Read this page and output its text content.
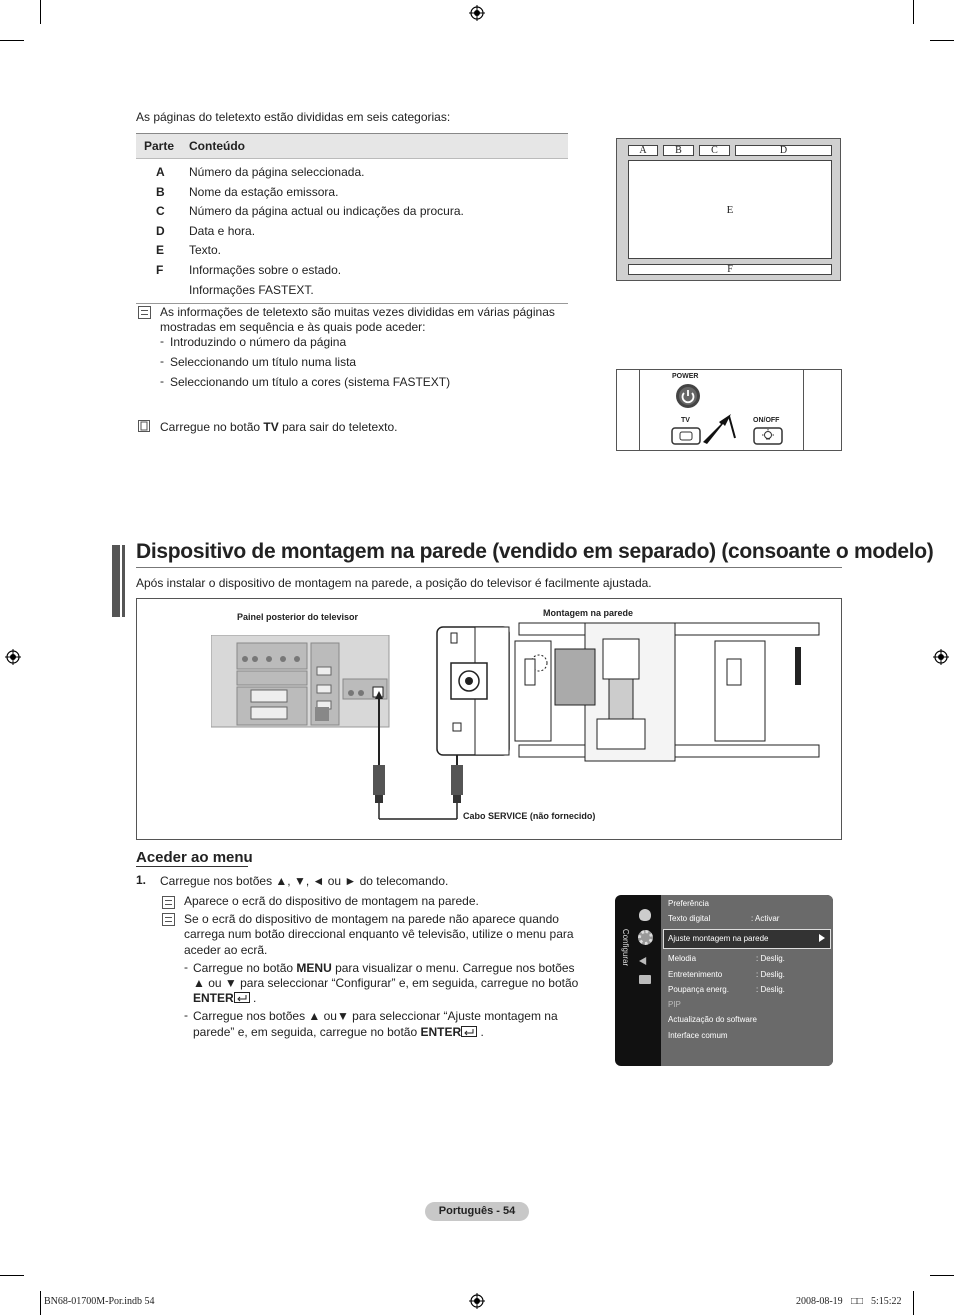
As páginas do teletexto estão divididas em seis categorias:
Parte Conteúdo
A Número da página seleccionada.
B Nome da estação emissora.
C Número da página actual ou indicações da procura.
D Data e hora.
E Texto.
F Informações sobre o estado.
Informações FASTEXT.
As informações de teletexto são muitas vezes divididas em várias páginas
mostradas em sequência e às quais pode aceder:
- Introduzindo o número da página
- Seleccionando um título numa lista
- Seleccionando um título a cores (sistema FASTEXT)
Carregue no botão TV para sair do teletexto.
A	B	C	D
E
F
POWER
TV	ON/OFF
Dispositivo de montagem na parede (vendido em separado) (consoante o modelo)
Após instalar o dispositivo de montagem na parede, a posição do televisor é facilmente ajustada.
Painel posterior do televisor	Montagem na parede
Cabo SERVICE (não fornecido)
Aceder ao menu
1. Carregue nos botões ▲, ▼, ◄ ou ► do telecomando.
Aparece o ecrã do dispositivo de montagem na parede.
Se o ecrã do dispositivo de montagem na parede não aparece quando
carrega num botão direccional enquanto vê televisão, utilize o menu para
aceder ao ecrã.
- Carregue no botão MENU para visualizar o menu. Carregue nos botões
▲ ou ▼ para seleccionar “Configurar” e, em seguida, carregue no botão
ENTER .
- Carregue nos botões ▲ ou▼ para seleccionar “Ajuste montagem na
parede” e, em seguida, carregue no botão ENTER .
Configurar
Preferência
Texto digital	: Activar
Ajuste montagem na parede
Melodia	: Deslig.
Entretenimento	: Deslig.
Poupança energ.	: Deslig.
PIP
Actualização do software
Interface comum
Português - 54
BN68-01700M-Por.indb 54	2008-08-19 □□ 5:15:22
